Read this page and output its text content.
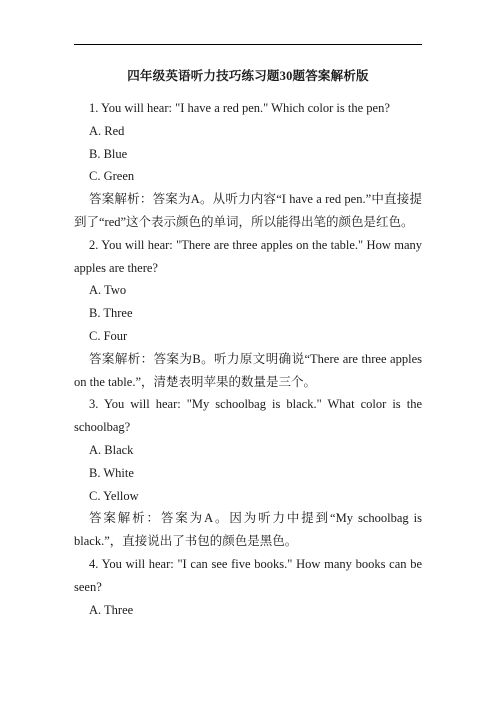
四年级英语听力技巧练习题30题答案解析版

1. You will hear: "I have a red pen." Which color is the pen?

A. Red

B. Blue

C. Green

答案解析：答案为A。从听力内容“I have a red pen.”中直接提到了“red”这个表示颜色的单词，所以能得出笔的颜色是红色。

2. You will hear: "There are three apples on the table." How many apples are there?

A. Two

B. Three

C. Four

答案解析：答案为B。听力原文明确说“There are three apples on the table.”，清楚表明苹果的数量是三个。

3. You will hear: "My schoolbag is black." What color is the schoolbag?

A. Black

B. White

C. Yellow

答案解析：答案为A。因为听力中提到“My schoolbag is black.”，直接说出了书包的颜色是黑色。

4. You will hear: "I can see five books." How many books can be seen?

A. Three
